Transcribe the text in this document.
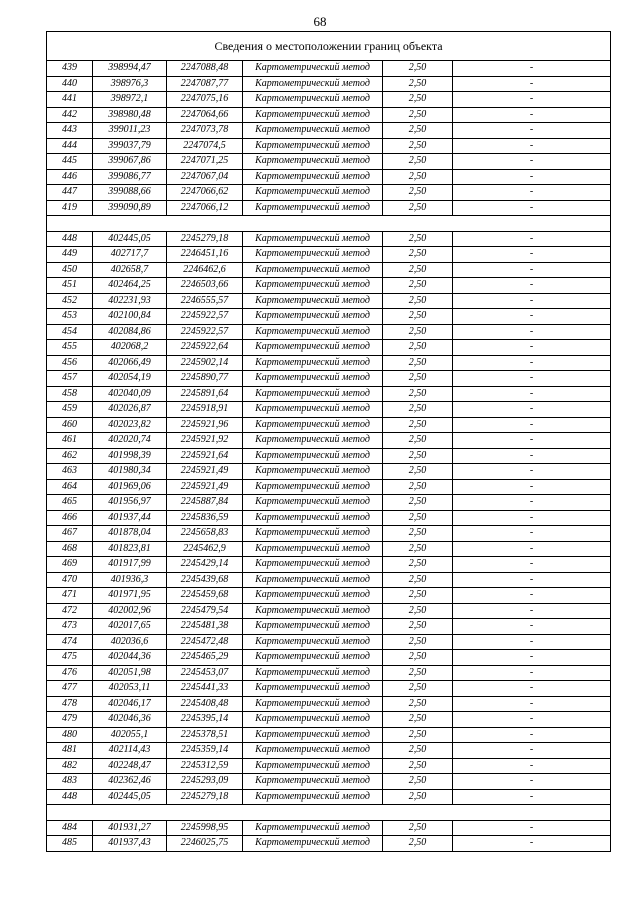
68
Сведения о местоположении границ объекта					
439	398994,47	2247088,48	Картометрический метод	2,50	-
440	398976,3	2247087,77	Картометрический метод	2,50	-
441	398972,1	2247075,16	Картометрический метод	2,50	-
442	398980,48	2247064,66	Картометрический метод	2,50	-
443	399011,23	2247073,78	Картометрический метод	2,50	-
444	399037,79	2247074,5	Картометрический метод	2,50	-
445	399067,86	2247071,25	Картометрический метод	2,50	-
446	399086,77	2247067,04	Картометрический метод	2,50	-
447	399088,66	2247066,62	Картометрический метод	2,50	-
419	399090,89	2247066,12	Картометрический метод	2,50	-

448	402445,05	2245279,18	Картометрический метод	2,50	-
449	402717,7	2246451,16	Картометрический метод	2,50	-
450	402658,7	2246462,6	Картометрический метод	2,50	-
451	402464,25	2246503,66	Картометрический метод	2,50	-
452	402231,93	2246555,57	Картометрический метод	2,50	-
453	402100,84	2245922,57	Картометрический метод	2,50	-
454	402084,86	2245922,57	Картометрический метод	2,50	-
455	402068,2	2245922,64	Картометрический метод	2,50	-
456	402066,49	2245902,14	Картометрический метод	2,50	-
457	402054,19	2245890,77	Картометрический метод	2,50	-
458	402040,09	2245891,64	Картометрический метод	2,50	-
459	402026,87	2245918,91	Картометрический метод	2,50	-
460	402023,82	2245921,96	Картометрический метод	2,50	-
461	402020,74	2245921,92	Картометрический метод	2,50	-
462	401998,39	2245921,64	Картометрический метод	2,50	-
463	401980,34	2245921,49	Картометрический метод	2,50	-
464	401969,06	2245921,49	Картометрический метод	2,50	-
465	401956,97	2245887,84	Картометрический метод	2,50	-
466	401937,44	2245836,59	Картометрический метод	2,50	-
467	401878,04	2245658,83	Картометрический метод	2,50	-
468	401823,81	2245462,9	Картометрический метод	2,50	-
469	401917,99	2245429,14	Картометрический метод	2,50	-
470	401936,3	2245439,68	Картометрический метод	2,50	-
471	401971,95	2245459,68	Картометрический метод	2,50	-
472	402002,96	2245479,54	Картометрический метод	2,50	-
473	402017,65	2245481,38	Картометрический метод	2,50	-
474	402036,6	2245472,48	Картометрический метод	2,50	-
475	402044,36	2245465,29	Картометрический метод	2,50	-
476	402051,98	2245453,07	Картометрический метод	2,50	-
477	402053,11	2245441,33	Картометрический метод	2,50	-
478	402046,17	2245408,48	Картометрический метод	2,50	-
479	402046,36	2245395,14	Картометрический метод	2,50	-
480	402055,1	2245378,51	Картометрический метод	2,50	-
481	402114,43	2245359,14	Картометрический метод	2,50	-
482	402248,47	2245312,59	Картометрический метод	2,50	-
483	402362,46	2245293,09	Картометрический метод	2,50	-
448	402445,05	2245279,18	Картометрический метод	2,50	-

484	401931,27	2245998,95	Картометрический метод	2,50	-
485	401937,43	2246025,75	Картометрический метод	2,50	-
